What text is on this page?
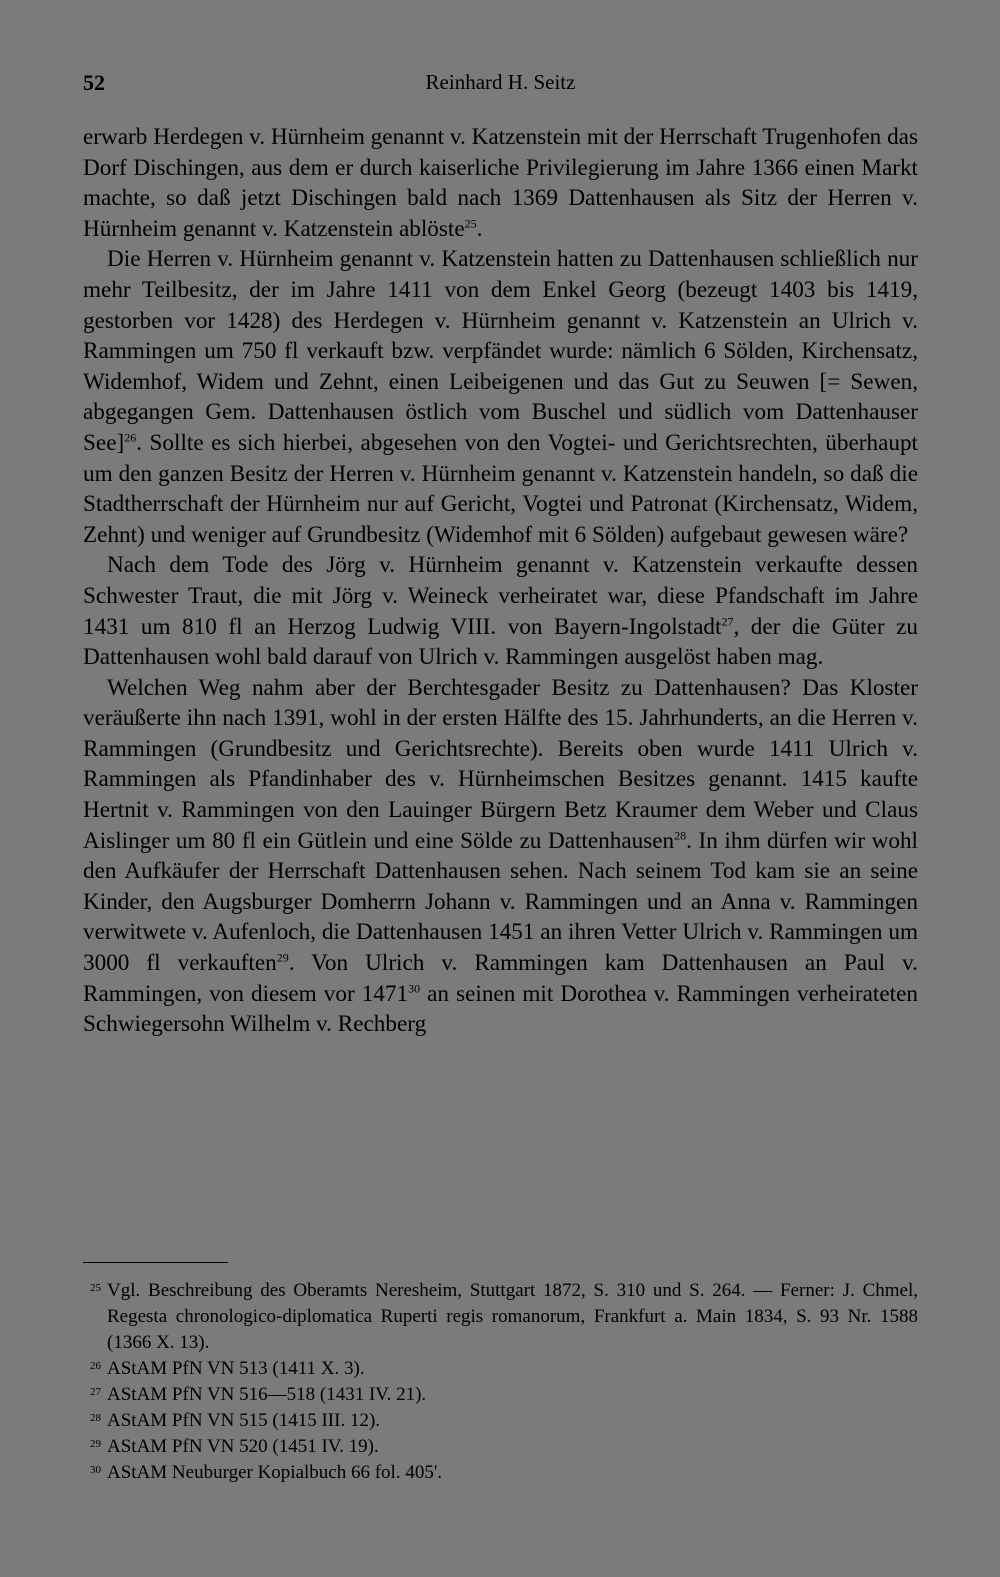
52	Reinhard H. Seitz

erwarb Herdegen v. Hürnheim genannt v. Katzenstein mit der Herrschaft Trugenhofen das Dorf Dischingen, aus dem er durch kaiserliche Privilegierung im Jahre 1366 einen Markt machte, so daß jetzt Dischingen bald nach 1369 Dattenhausen als Sitz der Herren v. Hürnheim genannt v. Katzenstein ablöste$^{25}$.

Die Herren v. Hürnheim genannt v. Katzenstein hatten zu Dattenhausen schließlich nur mehr Teilbesitz, der im Jahre 1411 von dem Enkel Georg (bezeugt 1403 bis 1419, gestorben vor 1428) des Herdegen v. Hürnheim genannt v. Katzenstein an Ulrich v. Rammingen um 750 fl verkauft bzw. verpfändet wurde: nämlich 6 Sölden, Kirchensatz, Widemhof, Widem und Zehnt, einen Leibeigenen und das Gut zu Seuwen [= Sewen, abgegangen Gem. Dattenhausen östlich vom Buschel und südlich vom Dattenhauser See]$^{26}$. Sollte es sich hierbei, abgesehen von den Vogtei- und Gerichtsrechten, überhaupt um den ganzen Besitz der Herren v. Hürnheim genannt v. Katzenstein handeln, so daß die Stadtherrschaft der Hürnheim nur auf Gericht, Vogtei und Patronat (Kirchensatz, Widem, Zehnt) und weniger auf Grundbesitz (Widemhof mit 6 Sölden) aufgebaut gewesen wäre?

Nach dem Tode des Jörg v. Hürnheim genannt v. Katzenstein verkaufte dessen Schwester Traut, die mit Jörg v. Weineck verheiratet war, diese Pfandschaft im Jahre 1431 um 810 fl an Herzog Ludwig VIII. von Bayern-Ingolstadt$^{27}$, der die Güter zu Dattenhausen wohl bald darauf von Ulrich v. Rammingen ausgelöst haben mag.

Welchen Weg nahm aber der Berchtesgader Besitz zu Dattenhausen? Das Kloster veräußerte ihn nach 1391, wohl in der ersten Hälfte des 15. Jahrhunderts, an die Herren v. Rammingen (Grundbesitz und Gerichtsrechte). Bereits oben wurde 1411 Ulrich v. Rammingen als Pfandinhaber des v. Hürnheimschen Besitzes genannt. 1415 kaufte Hertnit v. Rammingen von den Lauinger Bürgern Betz Kraumer dem Weber und Claus Aislinger um 80 fl ein Gütlein und eine Sölde zu Dattenhausen$^{28}$. In ihm dürfen wir wohl den Aufkäufer der Herrschaft Dattenhausen sehen. Nach seinem Tod kam sie an seine Kinder, den Augsburger Domherrn Johann v. Rammingen und an Anna v. Rammingen verwitwete v. Aufenloch, die Dattenhausen 1451 an ihren Vetter Ulrich v. Rammingen um 3000 fl verkauften$^{29}$. Von Ulrich v. Rammingen kam Dattenhausen an Paul v. Rammingen, von diesem vor 1471$^{30}$ an seinen mit Dorothea v. Rammingen verheirateten Schwiegersohn Wilhelm v. Rechberg

25 Vgl. Beschreibung des Oberamts Neresheim, Stuttgart 1872, S. 310 und S. 264. — Ferner: J. Chmel, Regesta chronologico-diplomatica Ruperti regis romanorum, Frankfurt a. Main 1834, S. 93 Nr. 1588 (1366 X. 13).
26 AStAM PfN VN 513 (1411 X. 3).
27 AStAM PfN VN 516—518 (1431 IV. 21).
28 AStAM PfN VN 515 (1415 III. 12).
29 AStAM PfN VN 520 (1451 IV. 19).
30 AStAM Neuburger Kopialbuch 66 fol. 405'.
